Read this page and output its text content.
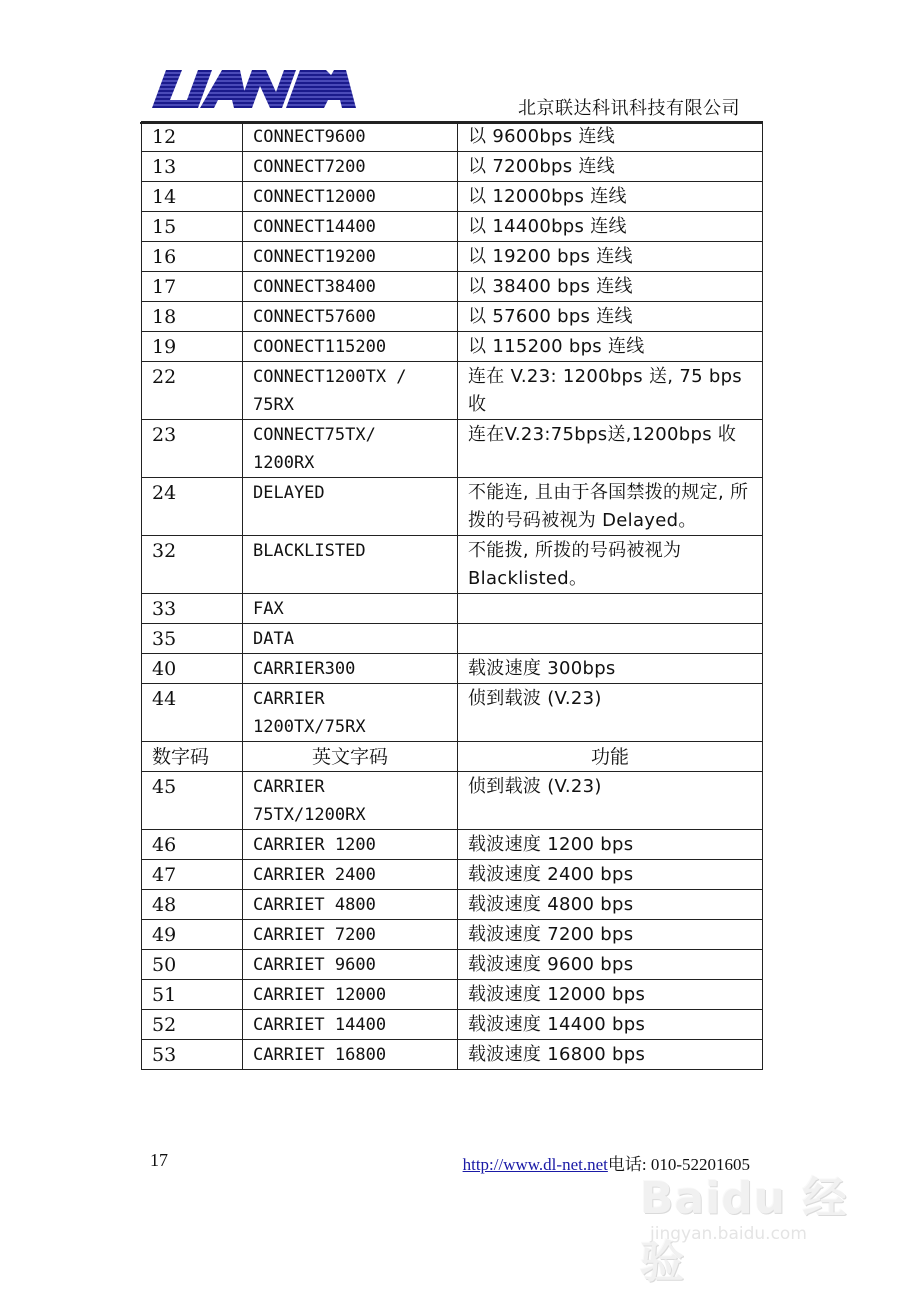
北京联达科讯科技有限公司
12	CONNECT9600	以 9600bps 连线
13	CONNECT7200	以 7200bps 连线
14	CONNECT12000	以 12000bps 连线
15	CONNECT14400	以 14400bps 连线
16	CONNECT19200	以 19200 bps 连线
17	CONNECT38400	以 38400 bps 连线
18	CONNECT57600	以 57600 bps 连线
19	COONECT115200	以 115200 bps 连线
22	CONNECT1200TX / 75RX	连在 V.23: 1200bps 送, 75 bps 收
23	CONNECT75TX/ 1200RX	连在V.23:75bps送,1200bps 收
24	DELAYED	不能连, 且由于各国禁拨的规定, 所拨的号码被视为 Delayed。
32	BLACKLISTED	不能拨, 所拨的号码被视为 Blacklisted。
33	FAX	
35	DATA	
40	CARRIER300	载波速度 300bps
44	CARRIER 1200TX/75RX	侦到载波 (V.23)
数字码	英文字码	功能
45	CARRIER 75TX/1200RX	侦到载波 (V.23)
46	CARRIER 1200	载波速度 1200 bps
47	CARRIER 2400	载波速度 2400 bps
48	CARRIET 4800	载波速度 4800 bps
49	CARRIET 7200	载波速度 7200 bps
50	CARRIET 9600	载波速度 9600 bps
51	CARRIET 12000	载波速度 12000 bps
52	CARRIET 14400	载波速度 14400 bps
53	CARRIET 16800	载波速度 16800 bps
17	http://www.dl-net.net电话: 010-52201605
Baidu 经验
jingyan.baidu.com
